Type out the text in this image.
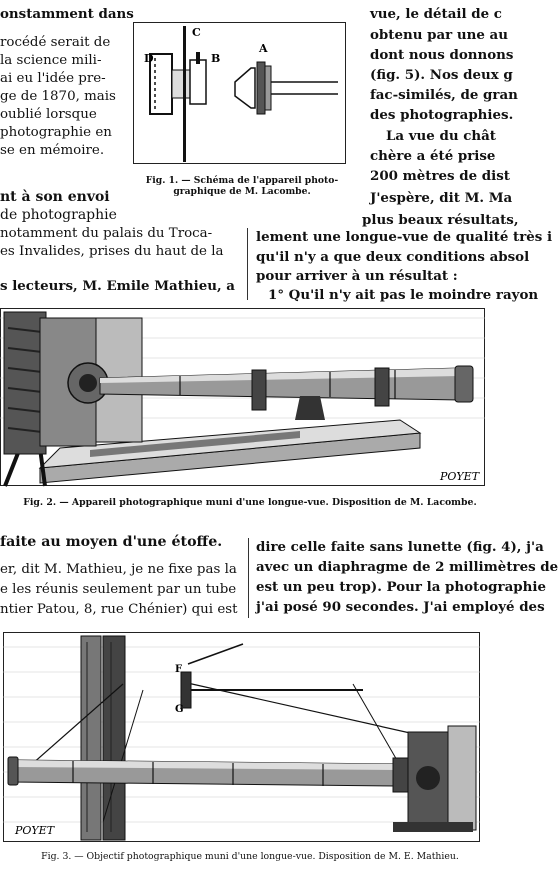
onstamment dans
rocédé serait de
la science mili-
ai eu l'idée pre-
ge de 1870, mais
oublié lorsque
photographie en
se en mémoire.
D
C
B
A
Fig. 1. — Schéma de l'appareil photo-
graphique de M. Lacombe.
vue, le détail de c
obtenu par une au
dont nous donnons
(fig. 5). Nos deux g
fac-similés, de gran
des photographies.
La vue du chât
chère a été prise
200 mètres de dist
J'espère, dit M. Ma
plus beaux résultats,
nt à son envoi
de photographie
notamment du palais du Troca-
es Invalides, prises du haut de la
s lecteurs, M. Emile Mathieu, a
lement une longue-vue de qualité très i
qu'il n'y a que deux conditions absol
pour arriver à un résultat :
1° Qu'il n'y ait pas le moindre rayon
POYET
Fig. 2. — Appareil photographique muni d'une longue-vue. Disposition de M. Lacombe.
faite au moyen d'une étoffe.
er, dit M. Mathieu, je ne fixe pas la
e les réunis seulement par un tube
ntier Patou, 8, rue Chénier) qui est
dire celle faite sans lunette (fig. 4), j'a
avec un diaphragme de 2 millimètres de
est un peu trop). Pour la photographie
j'ai posé 90 secondes. J'ai employé des
F
G
POYET
Fig. 3. — Objectif photographique muni d'une longue-vue. Disposition de M. E. Mathieu.
